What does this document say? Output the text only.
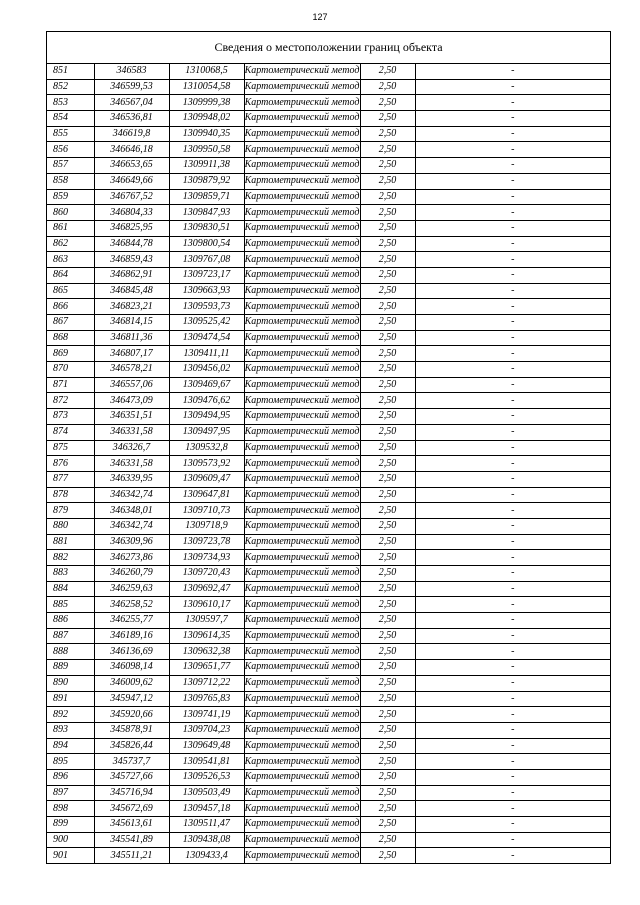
127
Сведения о местоположении границ объекта
851	346583	1310068,5	Картометрический метод	2,50	-
852	346599,53	1310054,58	Картометрический метод	2,50	-
853	346567,04	1309999,38	Картометрический метод	2,50	-
854	346536,81	1309948,02	Картометрический метод	2,50	-
855	346619,8	1309940,35	Картометрический метод	2,50	-
856	346646,18	1309950,58	Картометрический метод	2,50	-
857	346653,65	1309911,38	Картометрический метод	2,50	-
858	346649,66	1309879,92	Картометрический метод	2,50	-
859	346767,52	1309859,71	Картометрический метод	2,50	-
860	346804,33	1309847,93	Картометрический метод	2,50	-
861	346825,95	1309830,51	Картометрический метод	2,50	-
862	346844,78	1309800,54	Картометрический метод	2,50	-
863	346859,43	1309767,08	Картометрический метод	2,50	-
864	346862,91	1309723,17	Картометрический метод	2,50	-
865	346845,48	1309663,93	Картометрический метод	2,50	-
866	346823,21	1309593,73	Картометрический метод	2,50	-
867	346814,15	1309525,42	Картометрический метод	2,50	-
868	346811,36	1309474,54	Картометрический метод	2,50	-
869	346807,17	1309411,11	Картометрический метод	2,50	-
870	346578,21	1309456,02	Картометрический метод	2,50	-
871	346557,06	1309469,67	Картометрический метод	2,50	-
872	346473,09	1309476,62	Картометрический метод	2,50	-
873	346351,51	1309494,95	Картометрический метод	2,50	-
874	346331,58	1309497,95	Картометрический метод	2,50	-
875	346326,7	1309532,8	Картометрический метод	2,50	-
876	346331,58	1309573,92	Картометрический метод	2,50	-
877	346339,95	1309609,47	Картометрический метод	2,50	-
878	346342,74	1309647,81	Картометрический метод	2,50	-
879	346348,01	1309710,73	Картометрический метод	2,50	-
880	346342,74	1309718,9	Картометрический метод	2,50	-
881	346309,96	1309723,78	Картометрический метод	2,50	-
882	346273,86	1309734,93	Картометрический метод	2,50	-
883	346260,79	1309720,43	Картометрический метод	2,50	-
884	346259,63	1309692,47	Картометрический метод	2,50	-
885	346258,52	1309610,17	Картометрический метод	2,50	-
886	346255,77	1309597,7	Картометрический метод	2,50	-
887	346189,16	1309614,35	Картометрический метод	2,50	-
888	346136,69	1309632,38	Картометрический метод	2,50	-
889	346098,14	1309651,77	Картометрический метод	2,50	-
890	346009,62	1309712,22	Картометрический метод	2,50	-
891	345947,12	1309765,83	Картометрический метод	2,50	-
892	345920,66	1309741,19	Картометрический метод	2,50	-
893	345878,91	1309704,23	Картометрический метод	2,50	-
894	345826,44	1309649,48	Картометрический метод	2,50	-
895	345737,7	1309541,81	Картометрический метод	2,50	-
896	345727,66	1309526,53	Картометрический метод	2,50	-
897	345716,94	1309503,49	Картометрический метод	2,50	-
898	345672,69	1309457,18	Картометрический метод	2,50	-
899	345613,61	1309511,47	Картометрический метод	2,50	-
900	345541,89	1309438,08	Картометрический метод	2,50	-
901	345511,21	1309433,4	Картометрический метод	2,50	-
